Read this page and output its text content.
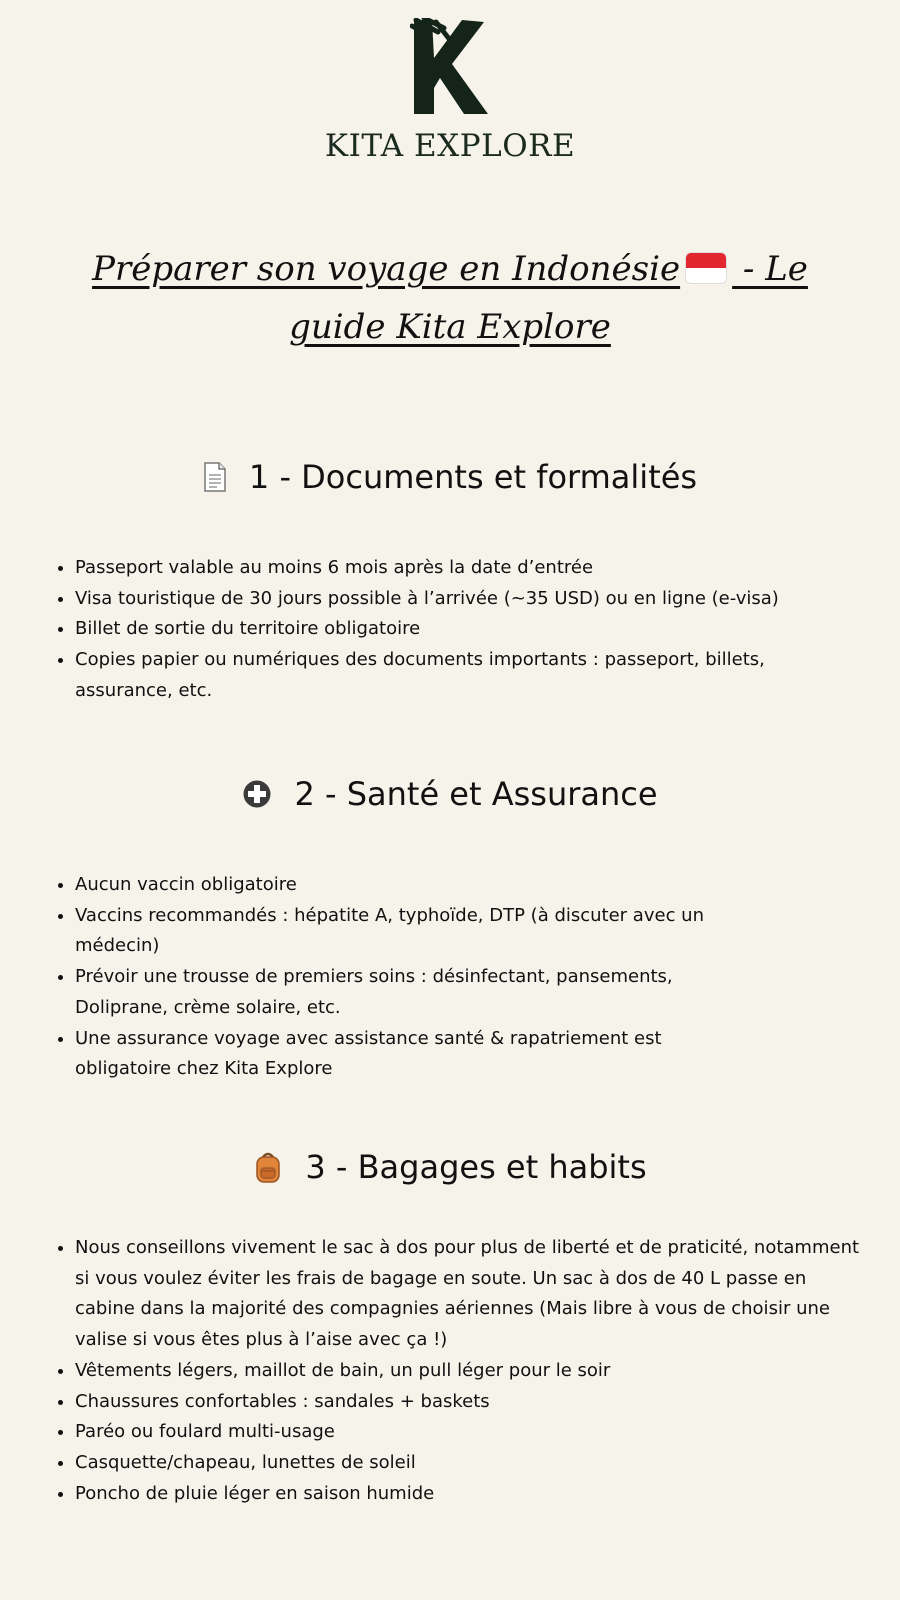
KITA EXPLORE
Préparer son voyage en Indonésie - Le guide Kita Explore
1 - Documents et formalités
• Passeport valable au moins 6 mois après la date d’entrée
• Visa touristique de 30 jours possible à l’arrivée (~35 USD) ou en ligne (e-visa)
• Billet de sortie du territoire obligatoire
• Copies papier ou numériques des documents importants : passeport, billets, assurance, etc.
2 - Santé et Assurance
• Aucun vaccin obligatoire
• Vaccins recommandés : hépatite A, typhoïde, DTP (à discuter avec un médecin)
• Prévoir une trousse de premiers soins : désinfectant, pansements, Doliprane, crème solaire, etc.
• Une assurance voyage avec assistance santé & rapatriement est obligatoire chez Kita Explore
3 - Bagages et habits
• Nous conseillons vivement le sac à dos pour plus de liberté et de praticité, notamment si vous voulez éviter les frais de bagage en soute. Un sac à dos de 40 L passe en cabine dans la majorité des compagnies aériennes (Mais libre à vous de choisir une valise si vous êtes plus à l’aise avec ça !)
• Vêtements légers, maillot de bain, un pull léger pour le soir
• Chaussures confortables : sandales + baskets
• Paréo ou foulard multi-usage
• Casquette/chapeau, lunettes de soleil
• Poncho de pluie léger en saison humide
